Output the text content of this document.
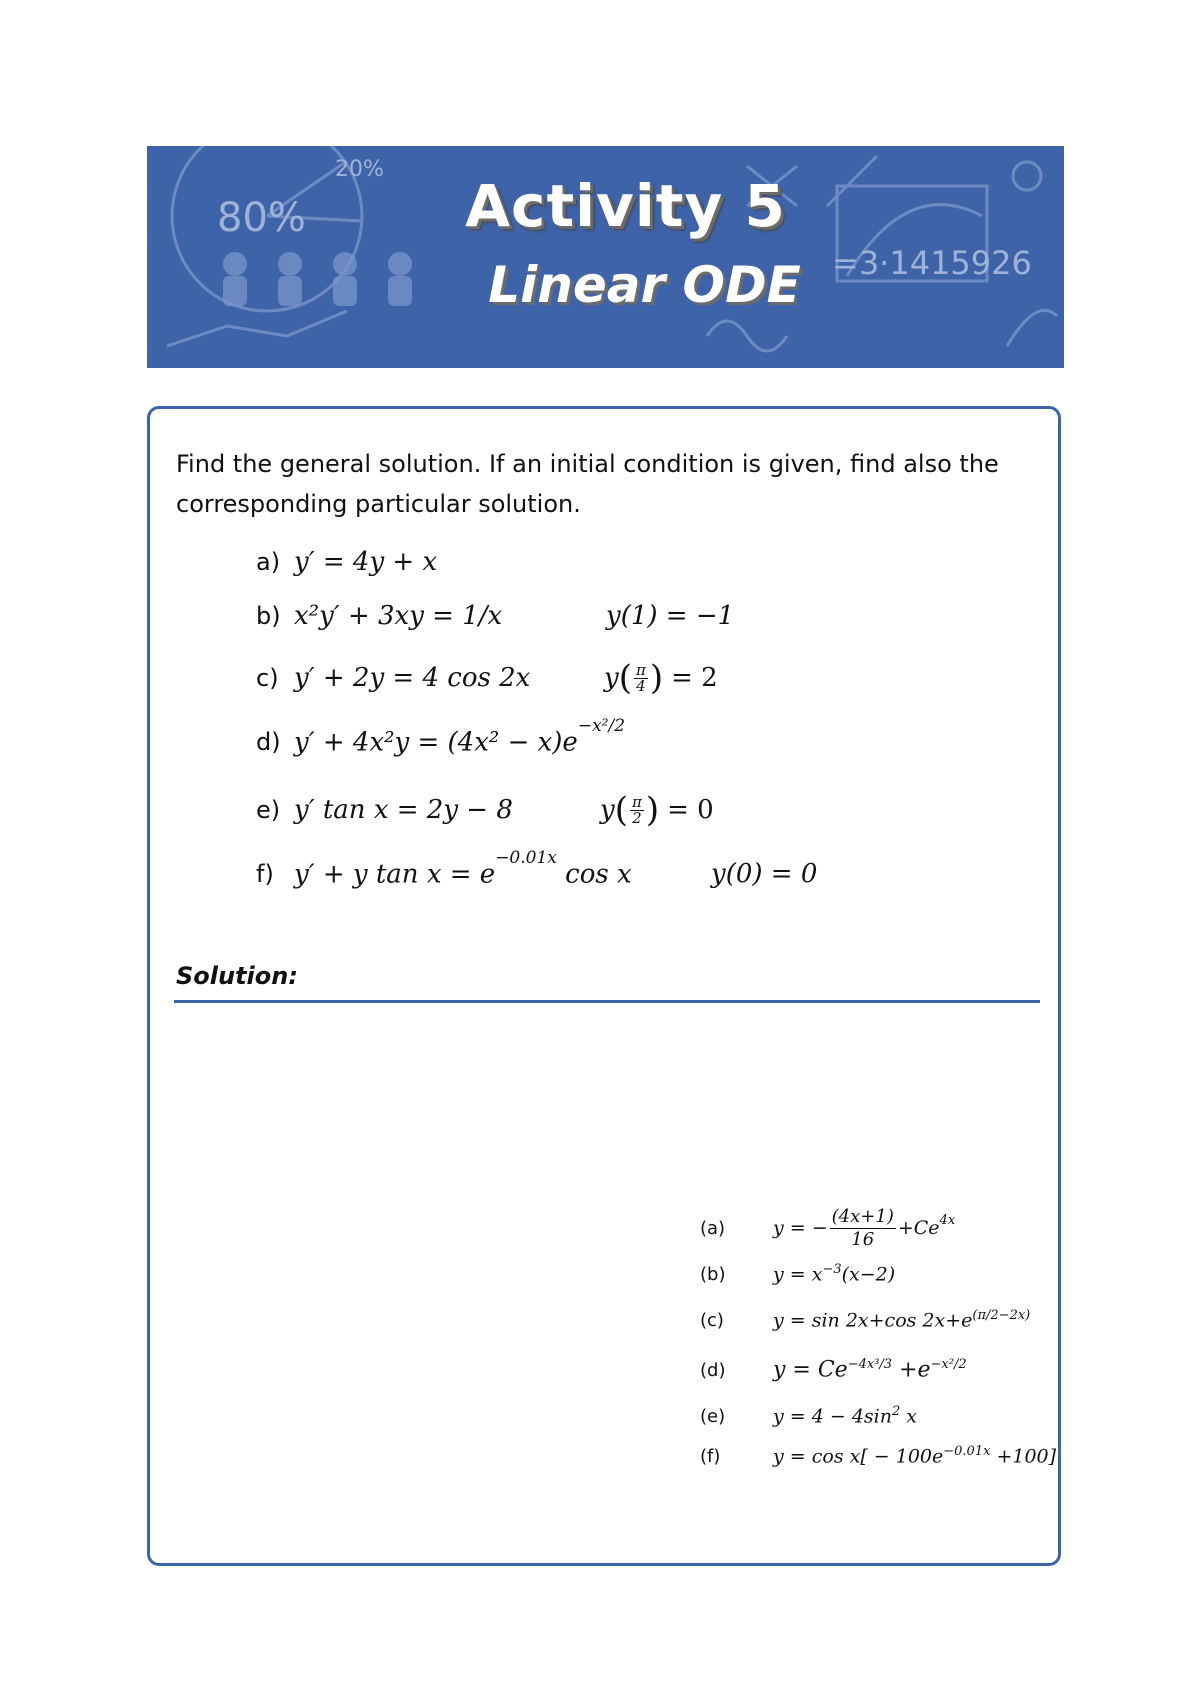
20%
80%
=3·1415926
Activity 5
Linear ODE
Find the general solution. If an initial condition is given, find also the corresponding particular solution.
a) y′ = 4y + x
b) x²y′ + 3xy = 1/x	y(1) = −1
c) y′ + 2y = 4 cos 2x	y ( $\frac{\pi}{4}$ ) = 2
d) $y' + 4x^2y = (4x^2 - x)e^{-x^2/2}$
e) y′ tan x = 2y − 8	y ( $\frac{\pi}{2}$ ) = 0
f) y′ + y $\tan x = e^{-0.01x}$ cos x	y(0) = 0
Solution:
(a)	y = − $\frac{(4x+1)}{16} +Ce^{4x}$
(b)	$y = x^{-3}(x-2)$
(c)	y = sin 2x+cos $2x+e^{(\pi/2-2x)}$
(d)	$y = Ce^{-4x^3/3} +e^{-x^2/2}$
(e)	$y = 4 - 4\sin^2$ x
(f)	$y = \cos x[ - 100e^{-0.01x} +100]$
